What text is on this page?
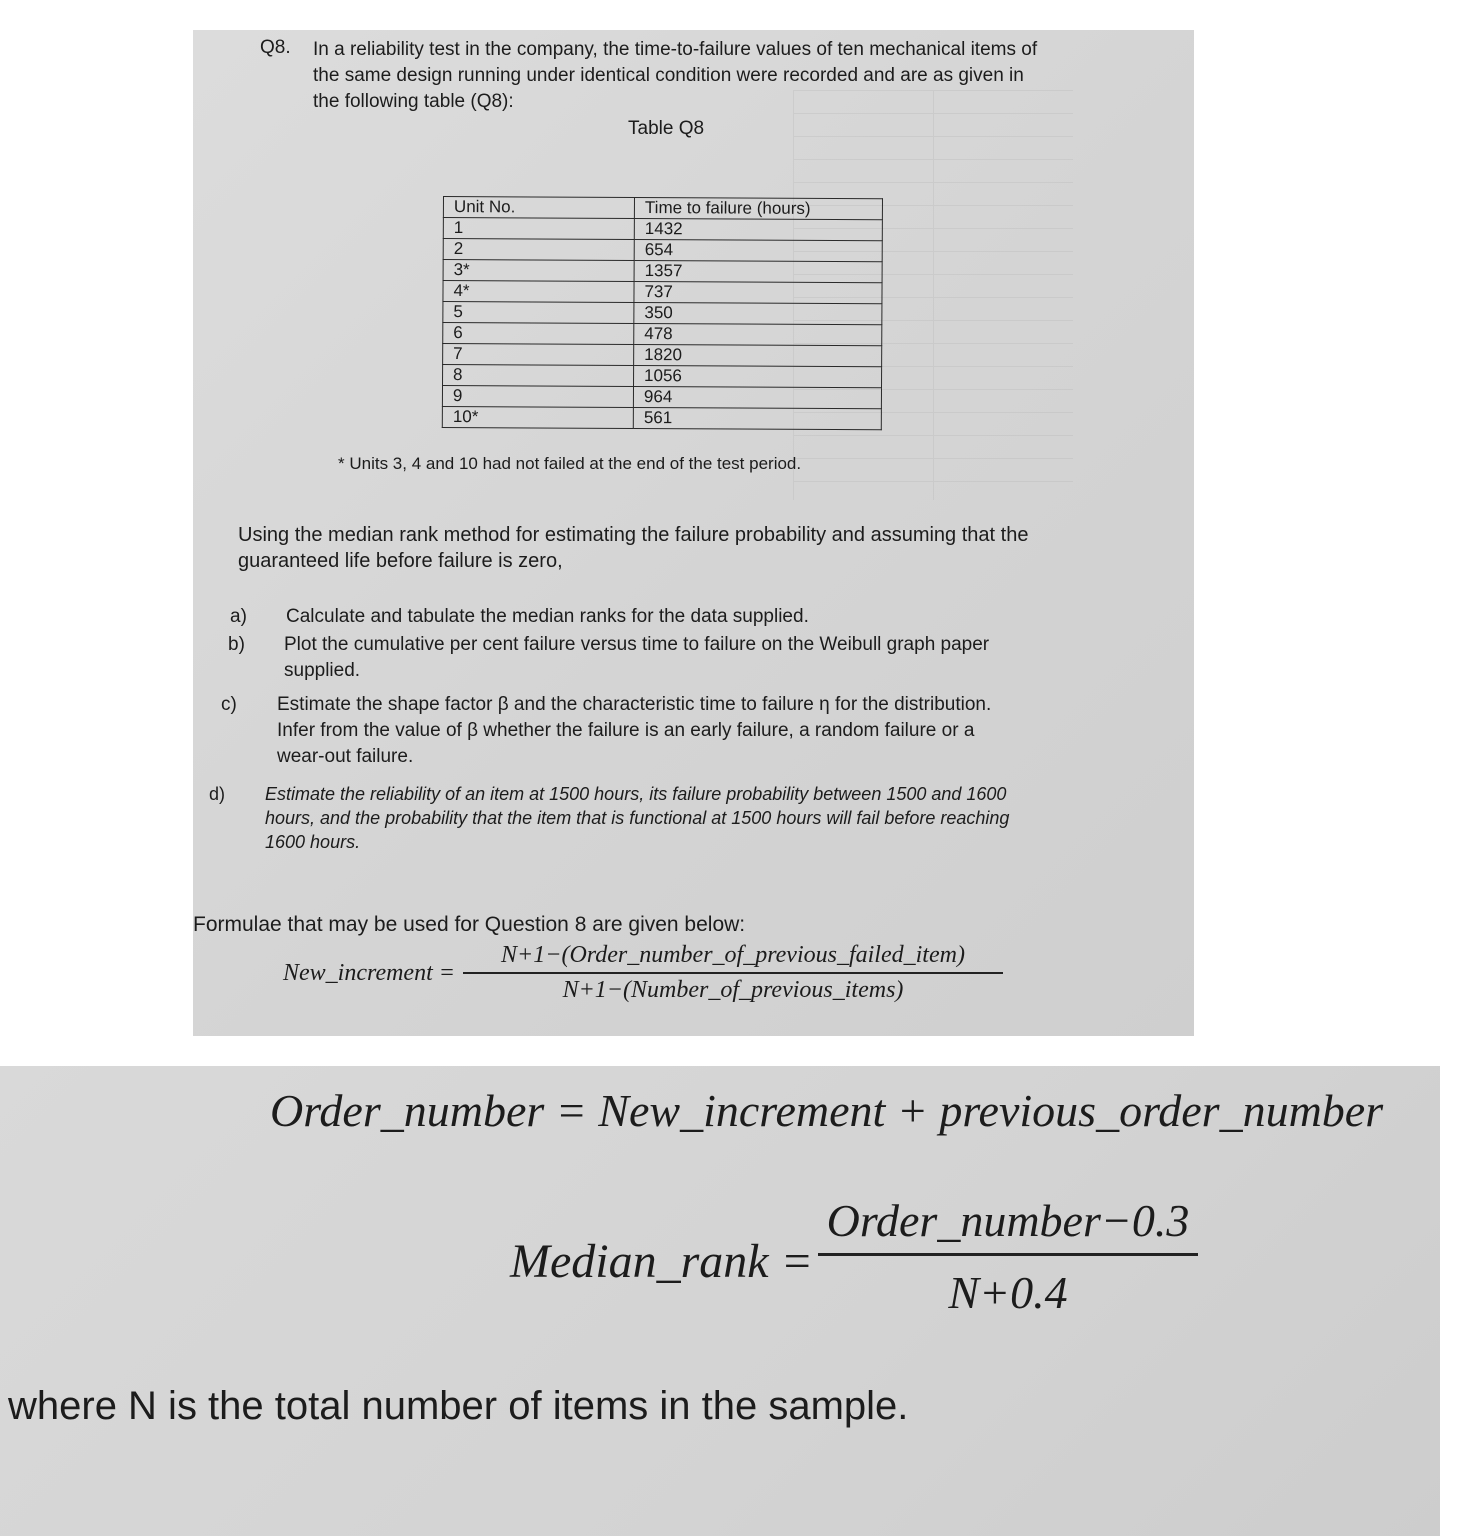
Q8. In a reliability test in the company, the time-to-failure values of ten mechanical items of
the same design running under identical condition were recorded and are as given in
the following table (Q8):
Table Q8
Unit No.	Time to failure (hours)
1	1432
2	654
3*	1357
4*	737
5	350
6	478
7	1820
8	1056
9	964
10*	561
* Units 3, 4 and 10 had not failed at the end of the test period.
Using the median rank method for estimating the failure probability and assuming that the
guaranteed life before failure is zero,
a) Calculate and tabulate the median ranks for the data supplied.
b) Plot the cumulative per cent failure versus time to failure on the Weibull graph paper
supplied.
c) Estimate the shape factor β and the characteristic time to failure η for the distribution.
Infer from the value of β whether the failure is an early failure, a random failure or a
wear-out failure.
d) Estimate the reliability of an item at 1500 hours, its failure probability between 1500 and 1600
hours, and the probability that the item that is functional at 1500 hours will fail before reaching
1600 hours.
Formulae that may be used for Question 8 are given below:
New_increment =
N+1−(Order_number_of_previous_failed_item)
N+1−(Number_of_previous_items)
Order_number = New_increment + previous_order_number
Median_rank =
Order_number−0.3
N+0.4
where N is the total number of items in the sample.
